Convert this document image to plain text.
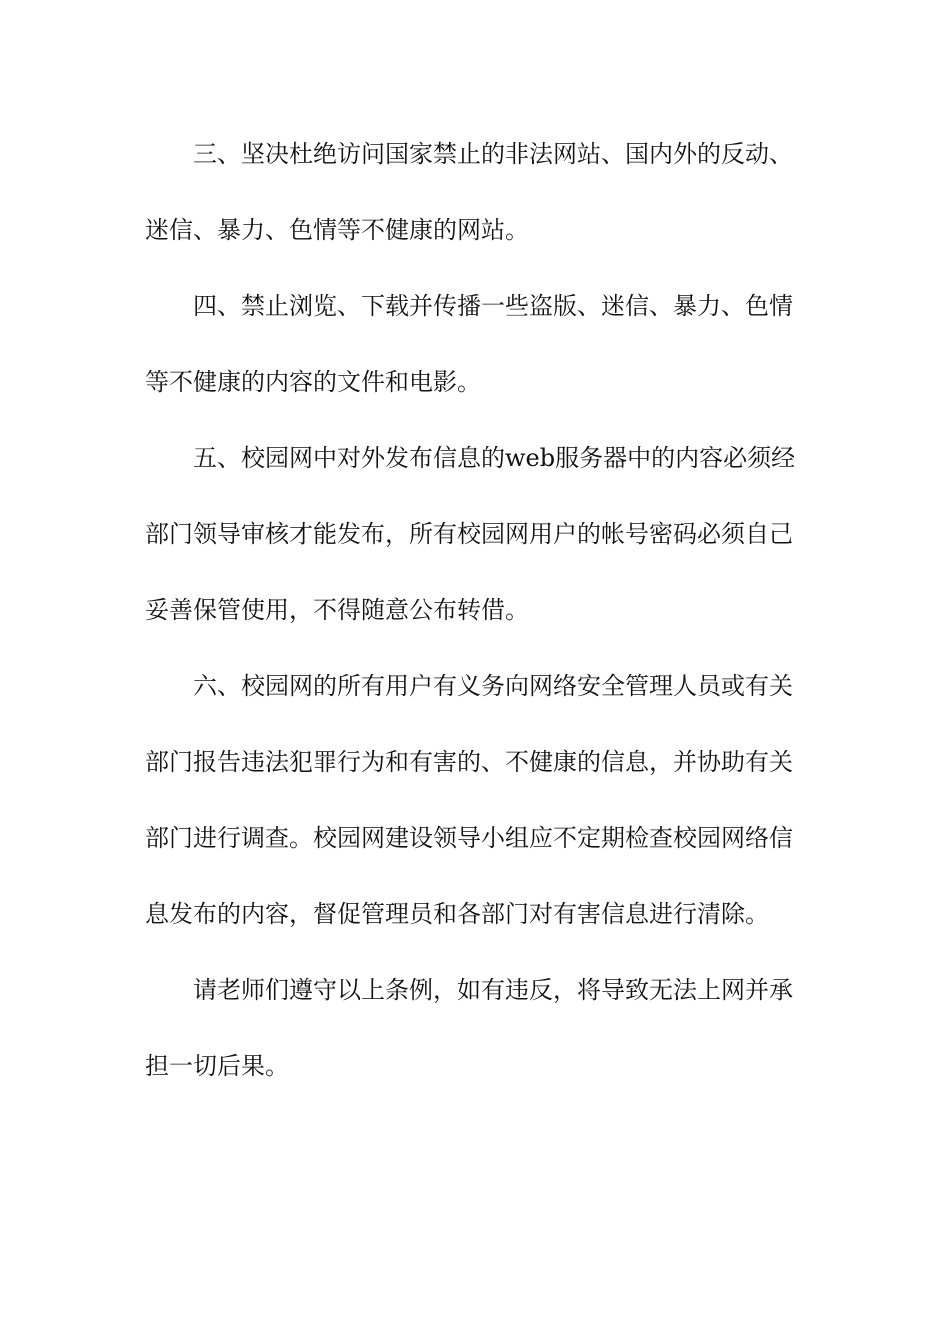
三、坚决杜绝访问国家禁止的非法网站、国内外的反动、
迷信、暴力、色情等不健康的网站。
四、禁止浏览、下载并传播一些盗版、迷信、暴力、色情
等不健康的内容的文件和电影。
五、校园网中对外发布信息的web服务器中的内容必须经
部门领导审核才能发布，所有校园网用户的帐号密码必须自己
妥善保管使用，不得随意公布转借。
六、校园网的所有用户有义务向网络安全管理人员或有关
部门报告违法犯罪行为和有害的、不健康的信息，并协助有关
部门进行调查。校园网建设领导小组应不定期检查校园网络信
息发布的内容，督促管理员和各部门对有害信息进行清除。
请老师们遵守以上条例，如有违反，将导致无法上网并承
担一切后果。
